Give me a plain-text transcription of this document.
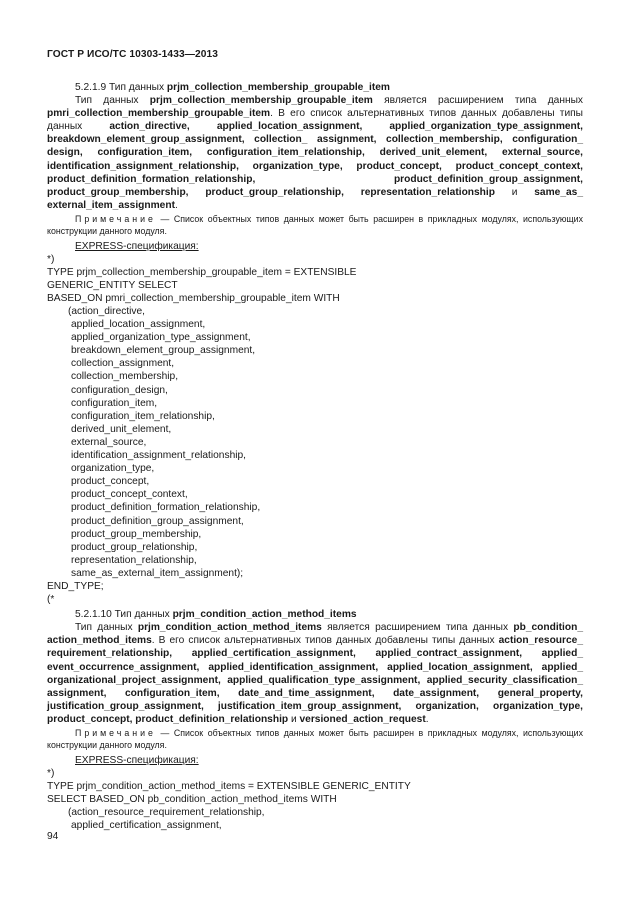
ГОСТ Р ИСО/ТС 10303-1433—2013
5.2.1.9 Тип данных prjm_collection_membership_groupable_item
Тип данных prjm_collection_membership_groupable_item является расширением типа данных pmri_collection_membership_groupable_item. В его список альтернативных типов данных добавлены типы данных action_directive, applied_location_assignment, applied_organization_type_assignment, breakdown_element_group_assignment, collection_ assignment, collection_membership, configuration_ design, configuration_item, configuration_item_relationship, derived_unit_element, external_source, identification_assignment_relationship, organization_type, product_concept, product_concept_context, product_definition_formation_relationship, product_definition_group_assignment, product_group_membership, product_group_relationship, representation_relationship и same_as_ external_item_assignment.
Примечание — Список объектных типов данных может быть расширен в прикладных модулях, использующих конструкции данного модуля.
EXPRESS-спецификация:
*)
TYPE prjm_collection_membership_groupable_item = EXTENSIBLE
GENERIC_ENTITY SELECT
BASED_ON pmri_collection_membership_groupable_item WITH
(action_directive,
applied_location_assignment,
applied_organization_type_assignment,
breakdown_element_group_assignment,
collection_assignment,
collection_membership,
configuration_design,
configuration_item,
configuration_item_relationship,
derived_unit_element,
external_source,
identification_assignment_relationship,
organization_type,
product_concept,
product_concept_context,
product_definition_formation_relationship,
product_definition_group_assignment,
product_group_membership,
product_group_relationship,
representation_relationship,
same_as_external_item_assignment);
END_TYPE;
(*
5.2.1.10 Тип данных prjm_condition_action_method_items
Тип данных prjm_condition_action_method_items является расширением типа данных pb_condition_ action_method_items. В его список альтернативных типов данных добавлены типы данных action_resource_ requirement_relationship, applied_certification_assignment, applied_contract_assignment, applied_ event_occurrence_assignment, applied_identification_assignment, applied_location_assignment, applied_ organizational_project_assignment, applied_qualification_type_assignment, applied_security_classification_ assignment, configuration_item, date_and_time_assignment, date_assignment, general_property, justification_group_assignment, justification_item_group_assignment, organization, organization_type, product_concept, product_definition_relationship и versioned_action_request.
Примечание — Список объектных типов данных может быть расширен в прикладных модулях, использующих конструкции данного модуля.
EXPRESS-спецификация:
*)
TYPE prjm_condition_action_method_items = EXTENSIBLE GENERIC_ENTITY
SELECT BASED_ON pb_condition_action_method_items WITH
(action_resource_requirement_relationship,
applied_certification_assignment,
94
